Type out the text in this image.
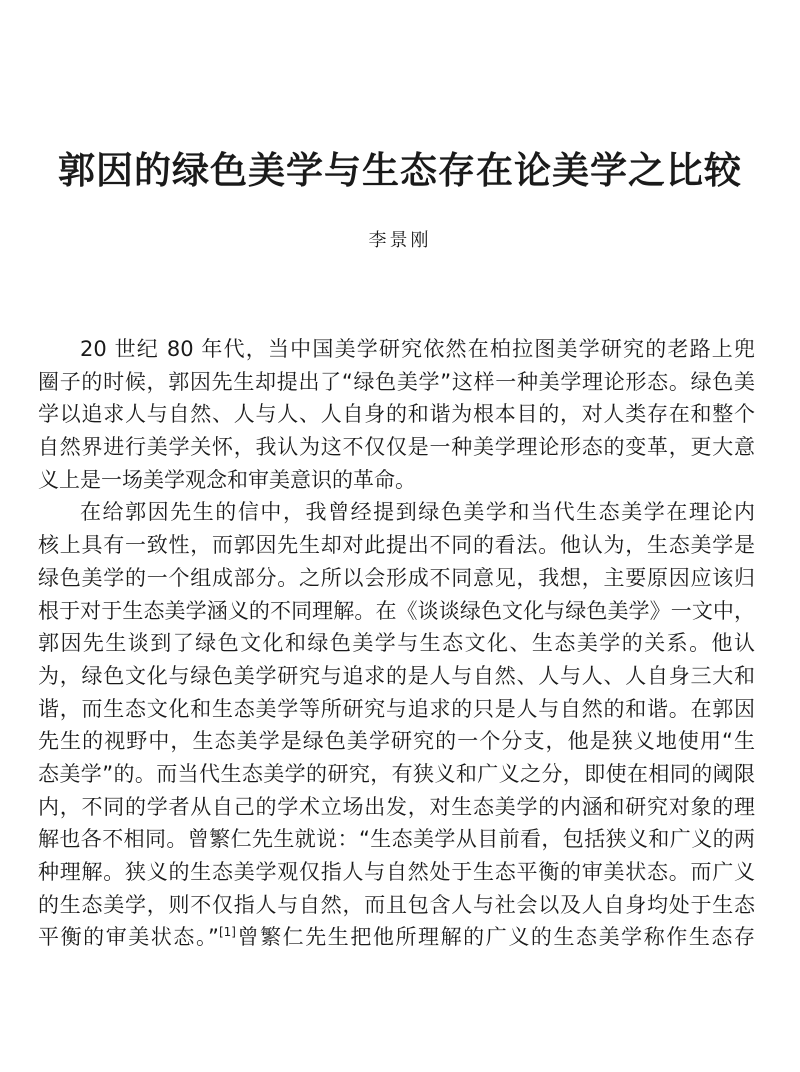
郭因的绿色美学与生态存在论美学之比较
李景刚
20 世纪 80 年代，当中国美学研究依然在柏拉图美学研究的老路上兜
圈子的时候，郭因先生却提出了“绿色美学”这样一种美学理论形态。绿色美
学以追求人与自然、人与人、人自身的和谐为根本目的，对人类存在和整个
自然界进行美学关怀，我认为这不仅仅是一种美学理论形态的变革，更大意
义上是一场美学观念和审美意识的革命。
在给郭因先生的信中，我曾经提到绿色美学和当代生态美学在理论内
核上具有一致性，而郭因先生却对此提出不同的看法。他认为，生态美学是
绿色美学的一个组成部分。之所以会形成不同意见，我想，主要原因应该归
根于对于生态美学涵义的不同理解。在《谈谈绿色文化与绿色美学》一文中，
郭因先生谈到了绿色文化和绿色美学与生态文化、生态美学的关系。他认
为，绿色文化与绿色美学研究与追求的是人与自然、人与人、人自身三大和
谐，而生态文化和生态美学等所研究与追求的只是人与自然的和谐。在郭因
先生的视野中，生态美学是绿色美学研究的一个分支，他是狭义地使用“生
态美学”的。而当代生态美学的研究，有狭义和广义之分，即使在相同的阈限
内，不同的学者从自己的学术立场出发，对生态美学的内涵和研究对象的理
解也各不相同。曾繁仁先生就说：“生态美学从目前看，包括狭义和广义的两
种理解。狭义的生态美学观仅指人与自然处于生态平衡的审美状态。而广义
的生态美学，则不仅指人与自然，而且包含人与社会以及人自身均处于生态
平衡的审美状态。”[1]曾繁仁先生把他所理解的广义的生态美学称作生态存
